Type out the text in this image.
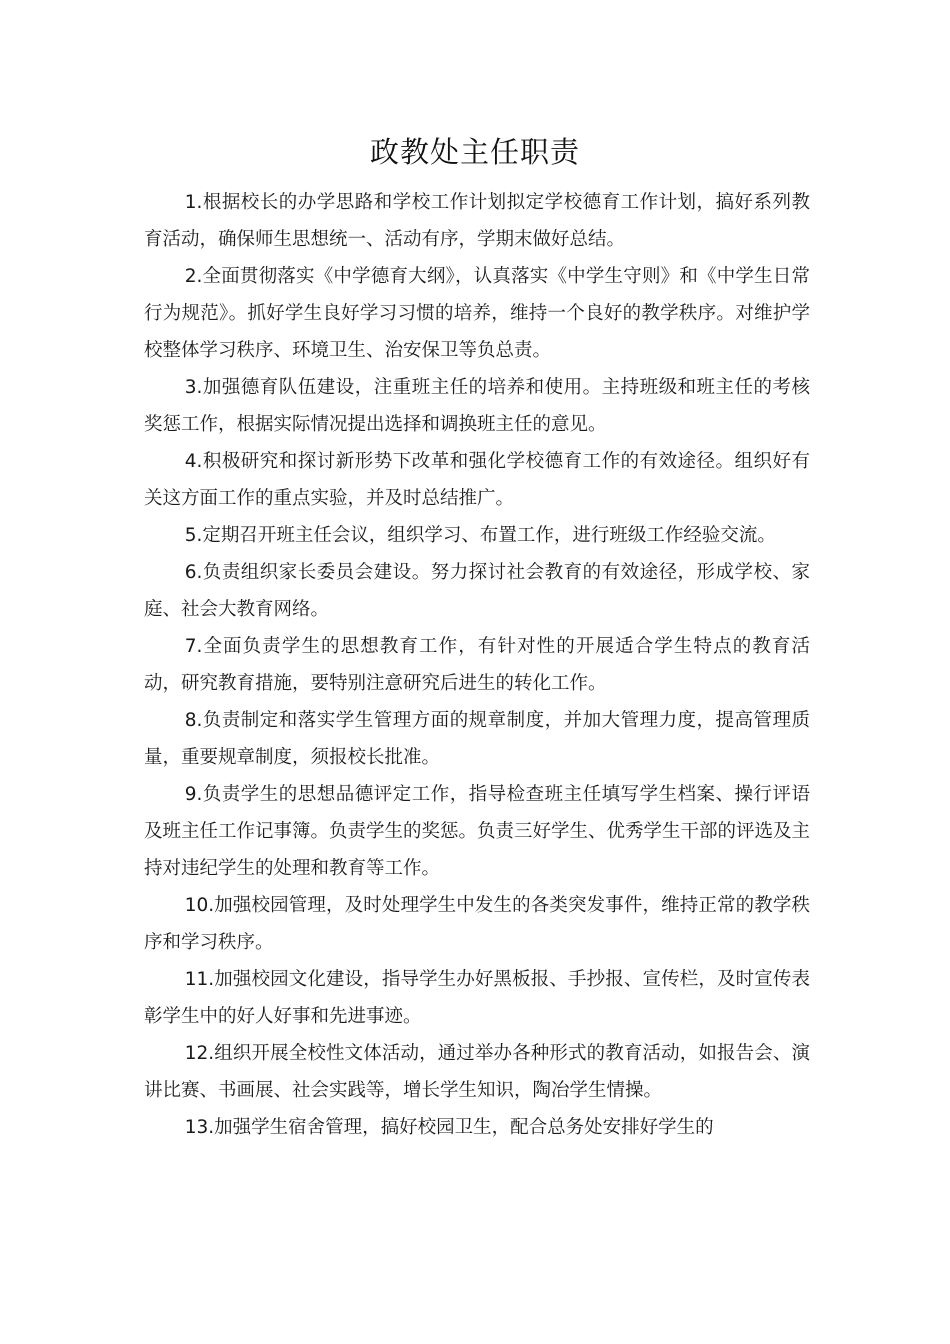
政教处主任职责

1.根据校长的办学思路和学校工作计划拟定学校德育工作计划，搞好系列教育活动，确保师生思想统一、活动有序，学期末做好总结。

2.全面贯彻落实《中学德育大纲》，认真落实《中学生守则》和《中学生日常行为规范》。抓好学生良好学习习惯的培养，维持一个良好的教学秩序。对维护学校整体学习秩序、环境卫生、治安保卫等负总责。

3.加强德育队伍建设，注重班主任的培养和使用。主持班级和班主任的考核奖惩工作，根据实际情况提出选择和调换班主任的意见。

4.积极研究和探讨新形势下改革和强化学校德育工作的有效途径。组织好有关这方面工作的重点实验，并及时总结推广。

5.定期召开班主任会议，组织学习、布置工作，进行班级工作经验交流。

6.负责组织家长委员会建设。努力探讨社会教育的有效途径，形成学校、家庭、社会大教育网络。

7.全面负责学生的思想教育工作，有针对性的开展适合学生特点的教育活动，研究教育措施，要特别注意研究后进生的转化工作。

8.负责制定和落实学生管理方面的规章制度，并加大管理力度，提高管理质量，重要规章制度，须报校长批准。

9.负责学生的思想品德评定工作，指导检查班主任填写学生档案、操行评语及班主任工作记事簿。负责学生的奖惩。负责三好学生、优秀学生干部的评选及主持对违纪学生的处理和教育等工作。

10.加强校园管理，及时处理学生中发生的各类突发事件，维持正常的教学秩序和学习秩序。

11.加强校园文化建设，指导学生办好黑板报、手抄报、宣传栏，及时宣传表彰学生中的好人好事和先进事迹。

12.组织开展全校性文体活动，通过举办各种形式的教育活动，如报告会、演讲比赛、书画展、社会实践等，增长学生知识，陶冶学生情操。

13.加强学生宿舍管理，搞好校园卫生，配合总务处安排好学生的
